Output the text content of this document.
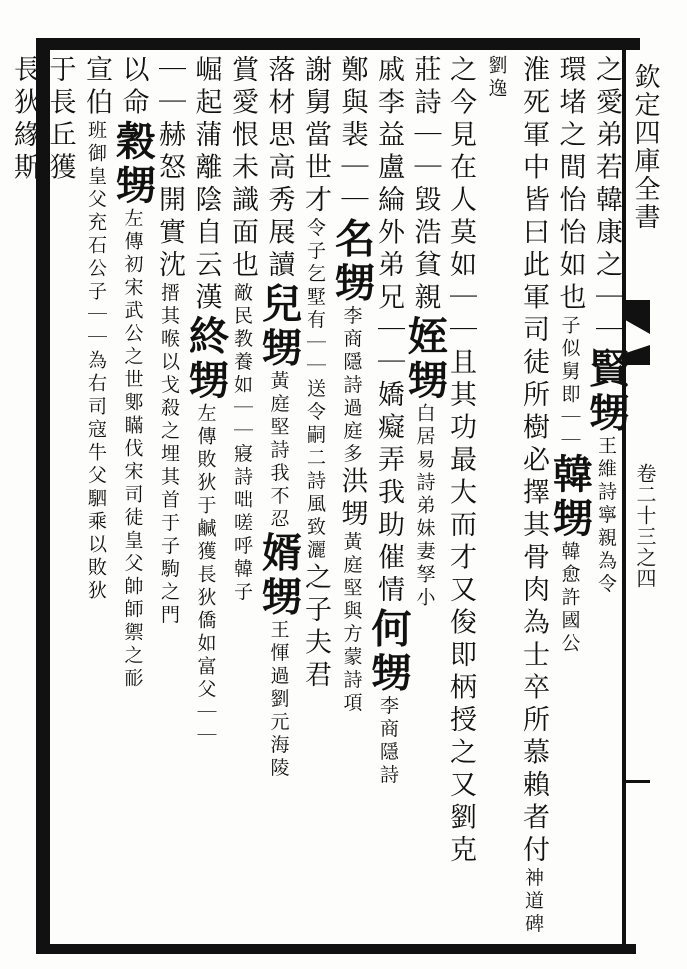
欽定四庫全書
卷二十三之四
之愛弟若韓康之｜｜賢甥王維詩寧親為令
環堵之間怡怡如也子似舅即｜｜韓甥韓愈許國公
淮死軍中皆曰此軍司徒所樹必擇其骨肉為士卒所慕賴者付神道碑劉逸
之今見在人莫如｜｜且其功最大而才又俊即柄授之又劉克
莊詩｜｜毀浩貧親姪甥白居易詩弟妹妻孥小
戚李益盧綸外弟兄｜｜嬌癡弄我助催情何甥李商隱詩
鄭與裴｜｜名甥李商隱詩過庭多洪甥黃庭堅與方蒙詩項
謝舅當世才令子乞墅有｜｜送令嗣二詩風致灑之子夫君
落材思高秀展讀兒甥黃庭堅詩我不忍婿甥王惲過劉元海陵
賞愛恨未識面也敵民教養如｜｜寢詩咄嗟呼韓子
崛起蒲離陰自云漢終甥左傳敗狄于鹹獲長狄僑如富父｜｜
｜｜赫怒開實沈搢其喉以戈殺之埋其首于子駒之門
以命穀甥左傳初宋武公之世鄋瞞伐宋司徒皇父帥師禦之耏
宣伯班御皇父充石公子｜｜為右司寇牛父駟乘以敗狄
于長丘獲
長狄緣斯
